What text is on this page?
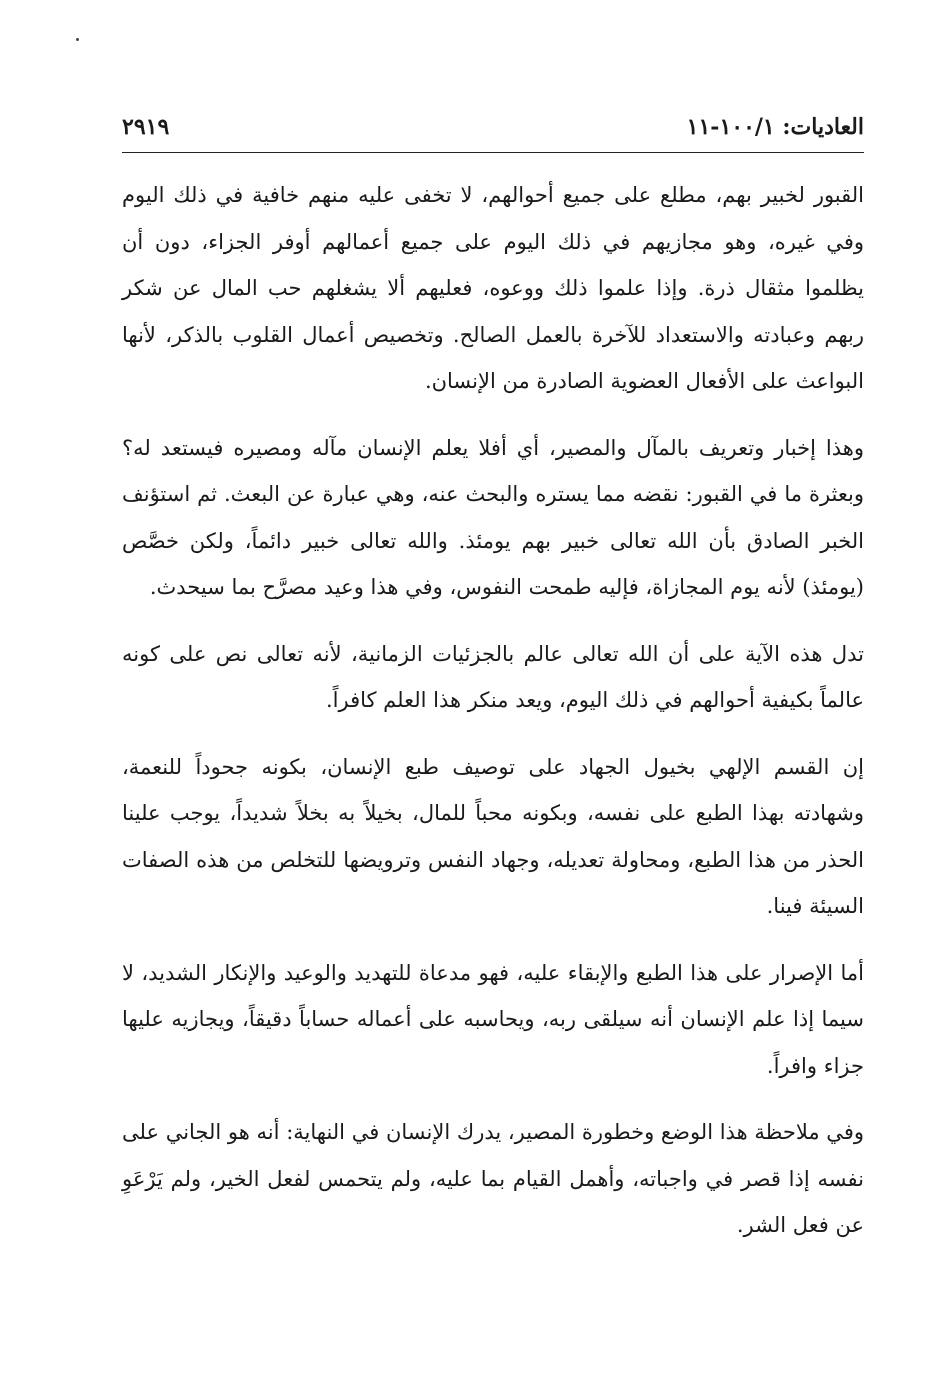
العاديات: ١٠٠/١-١١
٢٩١٩

القبور لخبير بهم، مطلع على جميع أحوالهم، لا تخفى عليه منهم خافية في ذلك اليوم وفي غيره، وهو مجازيهم في ذلك اليوم على جميع أعمالهم أوفر الجزاء، دون أن يظلموا مثقال ذرة. وإذا علموا ذلك ووعوه، فعليهم ألا يشغلهم حب المال عن شكر ربهم وعبادته والاستعداد للآخرة بالعمل الصالح. وتخصيص أعمال القلوب بالذكر، لأنها البواعث على الأفعال العضوية الصادرة من الإنسان.

وهذا إخبار وتعريف بالمآل والمصير، أي أفلا يعلم الإنسان مآله ومصيره فيستعد له؟ وبعثرة ما في القبور: نقضه مما يستره والبحث عنه، وهي عبارة عن البعث. ثم استؤنف الخبر الصادق بأن الله تعالى خبير بهم يومئذ. والله تعالى خبير دائماً، ولكن خصَّص (يومئذ) لأنه يوم المجازاة، فإليه طمحت النفوس، وفي هذا وعيد مصرَّح بما سيحدث.

تدل هذه الآية على أن الله تعالى عالم بالجزئيات الزمانية، لأنه تعالى نص على كونه عالماً بكيفية أحوالهم في ذلك اليوم، ويعد منكر هذا العلم كافراً.

إن القسم الإلهي بخيول الجهاد على توصيف طبع الإنسان، بكونه جحوداً للنعمة، وشهادته بهذا الطبع على نفسه، وبكونه محباً للمال، بخيلاً به بخلاً شديداً، يوجب علينا الحذر من هذا الطبع، ومحاولة تعديله، وجهاد النفس وترويضها للتخلص من هذه الصفات السيئة فينا.

أما الإصرار على هذا الطبع والإبقاء عليه، فهو مدعاة للتهديد والوعيد والإنكار الشديد، لا سيما إذا علم الإنسان أنه سيلقى ربه، ويحاسبه على أعماله حساباً دقيقاً، ويجازيه عليها جزاء وافراً.

وفي ملاحظة هذا الوضع وخطورة المصير، يدرك الإنسان في النهاية: أنه هو الجاني على نفسه إذا قصر في واجباته، وأهمل القيام بما عليه، ولم يتحمس لفعل الخير، ولم يَرْعَوِ عن فعل الشر.
